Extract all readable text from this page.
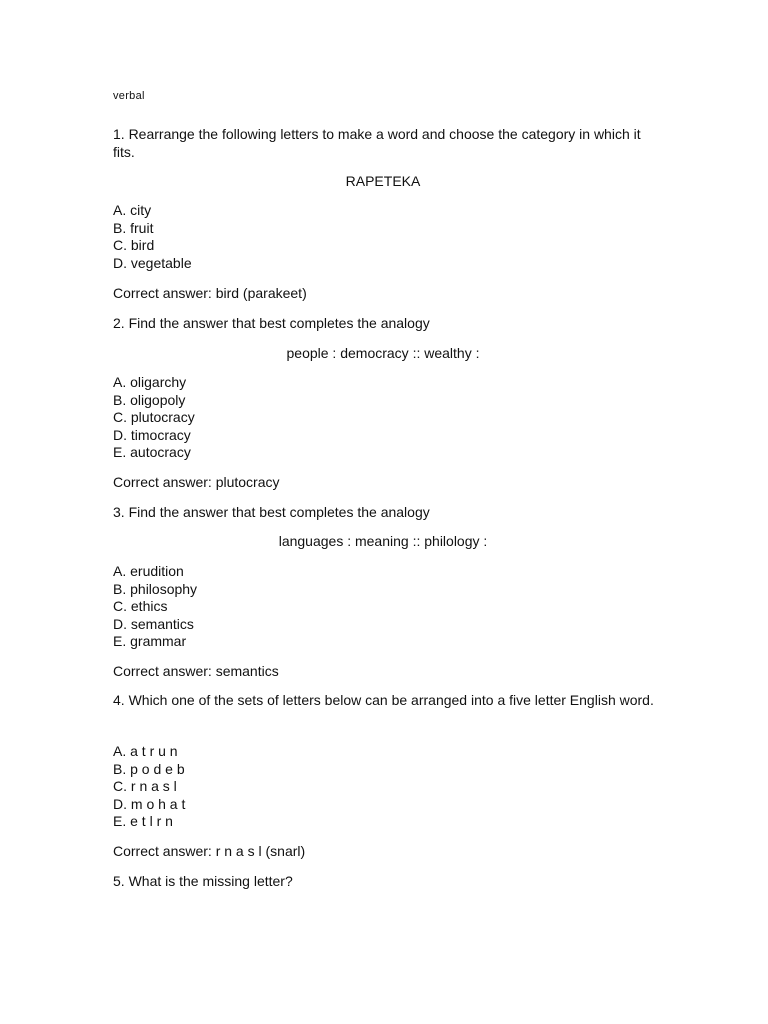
verbal
1. Rearrange the following letters to make a word and choose the category in which it fits.
RAPETEKA
A. city
B. fruit
C. bird
D. vegetable
Correct answer: bird (parakeet)
2. Find the answer that best completes the analogy
people : democracy :: wealthy :
A. oligarchy
B. oligopoly
C. plutocracy
D. timocracy
E. autocracy
Correct answer: plutocracy
3. Find the answer that best completes the analogy
languages : meaning :: philology :
A. erudition
B. philosophy
C. ethics
D. semantics
E. grammar
Correct answer: semantics
4. Which one of the sets of letters below can be arranged into a five letter English word.
A. a t r u n
B. p o d e b
C. r n a s l
D. m o h a t
E. e t l r n
Correct answer: r n a s l (snarl)
5. What is the missing letter?
